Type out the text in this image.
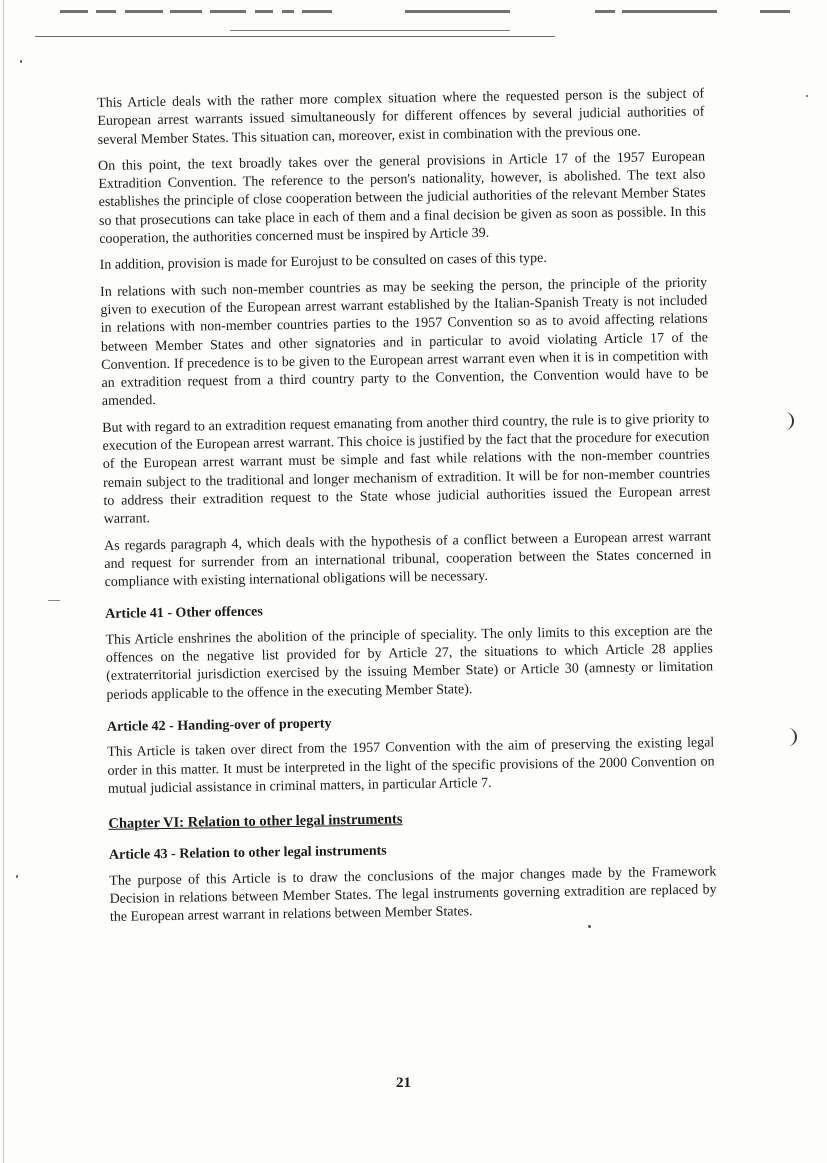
This Article deals with the rather more complex situation where the requested person is the subject of European arrest warrants issued simultaneously for different offences by several judicial authorities of several Member States. This situation can, moreover, exist in combination with the previous one.

On this point, the text broadly takes over the general provisions in Article 17 of the 1957 European Extradition Convention. The reference to the person's nationality, however, is abolished. The text also establishes the principle of close cooperation between the judicial authorities of the relevant Member States so that prosecutions can take place in each of them and a final decision be given as soon as possible. In this cooperation, the authorities concerned must be inspired by Article 39.

In addition, provision is made for Eurojust to be consulted on cases of this type.

In relations with such non-member countries as may be seeking the person, the principle of the priority given to execution of the European arrest warrant established by the Italian-Spanish Treaty is not included in relations with non-member countries parties to the 1957 Convention so as to avoid affecting relations between Member States and other signatories and in particular to avoid violating Article 17 of the Convention. If precedence is to be given to the European arrest warrant even when it is in competition with an extradition request from a third country party to the Convention, the Convention would have to be amended.

But with regard to an extradition request emanating from another third country, the rule is to give priority to execution of the European arrest warrant. This choice is justified by the fact that the procedure for execution of the European arrest warrant must be simple and fast while relations with the non-member countries remain subject to the traditional and longer mechanism of extradition. It will be for non-member countries to address their extradition request to the State whose judicial authorities issued the European arrest warrant.

As regards paragraph 4, which deals with the hypothesis of a conflict between a European arrest warrant and request for surrender from an international tribunal, cooperation between the States concerned in compliance with existing international obligations will be necessary.

Article 41 - Other offences

This Article enshrines the abolition of the principle of speciality. The only limits to this exception are the offences on the negative list provided for by Article 27, the situations to which Article 28 applies (extraterritorial jurisdiction exercised by the issuing Member State) or Article 30 (amnesty or limitation periods applicable to the offence in the executing Member State).

Article 42 - Handing-over of property

This Article is taken over direct from the 1957 Convention with the aim of preserving the existing legal order in this matter. It must be interpreted in the light of the specific provisions of the 2000 Convention on mutual judicial assistance in criminal matters, in particular Article 7.

Chapter VI: Relation to other legal instruments
Article 43 - Relation to other legal instruments

The purpose of this Article is to draw the conclusions of the major changes made by the Framework Decision in relations between Member States. The legal instruments governing extradition are replaced by the European arrest warrant in relations between Member States.

21
